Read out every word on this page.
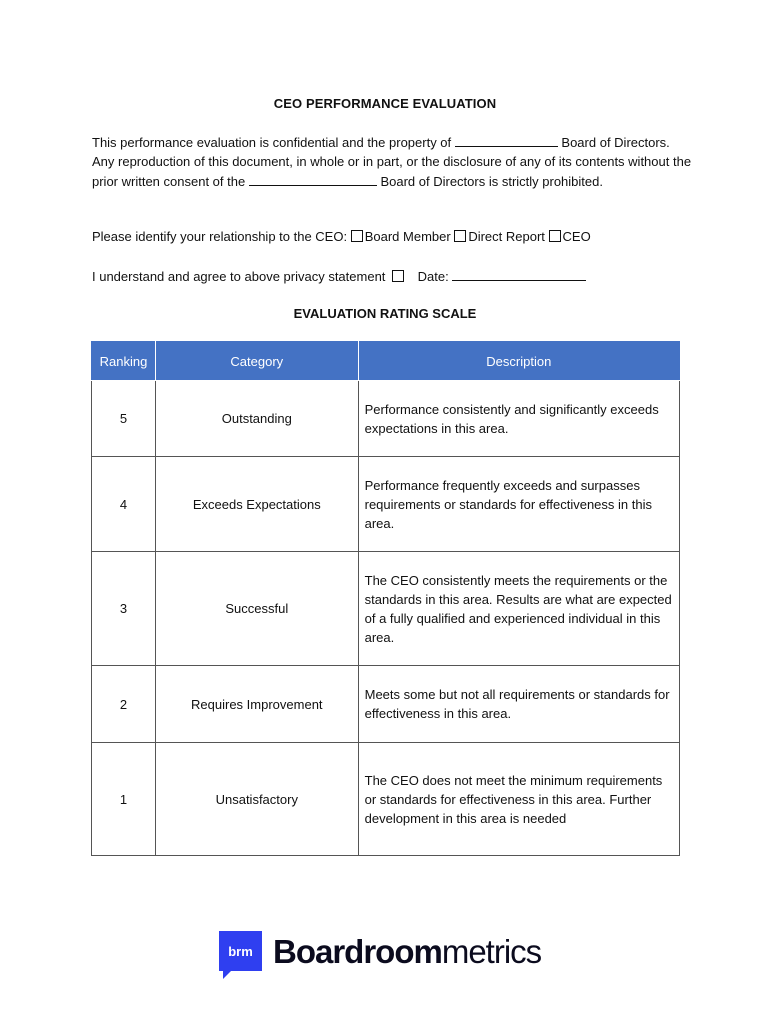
CEO PERFORMANCE EVALUATION
This performance evaluation is confidential and the property of	Board of Directors. Any reproduction of this document, in whole or in part, or the disclosure of any of its contents without the prior written consent of the	Board of Directors is strictly prohibited.
Please identify your relationship to the CEO: Board Member Direct Report CEO
I understand and agree to above privacy statement Date:
EVALUATION RATING SCALE
Ranking	Category	Description
5	Outstanding	Performance consistently and significantly exceeds expectations in this area.
4	Exceeds Expectations	Performance frequently exceeds and surpasses requirements or standards for effectiveness in this area.
3	Successful	The CEO consistently meets the requirements or the standards in this area. Results are what are expected of a fully qualified and experienced individual in this area.
2	Requires Improvement	Meets some but not all requirements or standards for effectiveness in this area.
1	Unsatisfactory	The CEO does not meet the minimum requirements or standards for effectiveness in this area. Further development in this area is needed
brm Boardroommetrics
